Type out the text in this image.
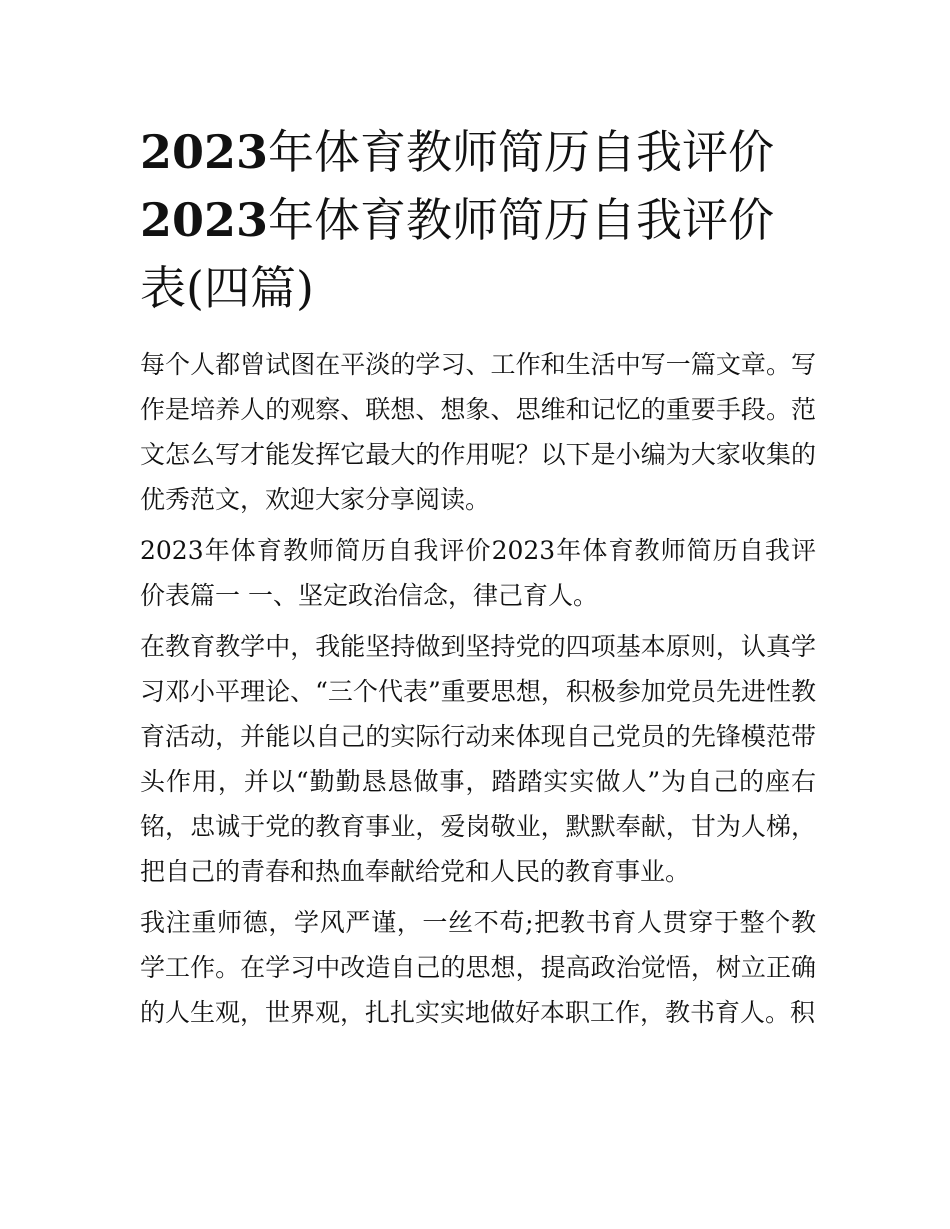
2023年体育教师简历自我评价
2023年体育教师简历自我评价
表(四篇)

每个人都曾试图在平淡的学习、工作和生活中写一篇文章。写作是培养人的观察、联想、想象、思维和记忆的重要手段。范文怎么写才能发挥它最大的作用呢？以下是小编为大家收集的优秀范文，欢迎大家分享阅读。

2023年体育教师简历自我评价2023年体育教师简历自我评价表篇一 一、坚定政治信念，律己育人。

在教育教学中，我能坚持做到坚持党的四项基本原则，认真学习邓小平理论、“三个代表”重要思想，积极参加党员先进性教育活动，并能以自己的实际行动来体现自己党员的先锋模范带头作用，并以“勤勤恳恳做事，踏踏实实做人”为自己的座右铭，忠诚于党的教育事业，爱岗敬业，默默奉献，甘为人梯，把自己的青春和热血奉献给党和人民的教育事业。

我注重师德，学风严谨，一丝不苟;把教书育人贯穿于整个教学工作。在学习中改造自己的思想，提高政治觉悟，树立正确的人生观，世界观，扎扎实实地做好本职工作，教书育人。积
